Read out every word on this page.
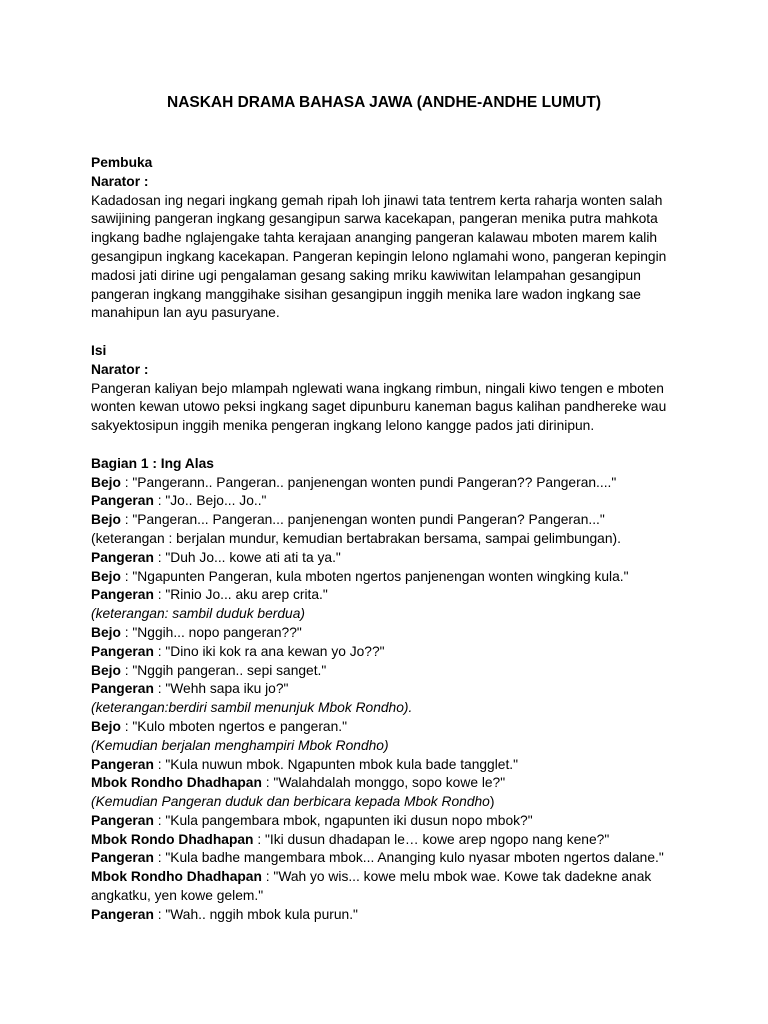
NASKAH DRAMA BAHASA JAWA (ANDHE-ANDHE LUMUT)
Pembuka
Narator :

Kadadosan ing negari ingkang gemah ripah loh jinawi tata tentrem kerta raharja wonten salah sawijining pangeran ingkang gesangipun sarwa kacekapan, pangeran menika putra mahkota ingkang badhe nglajengake tahta kerajaan ananging pangeran kalawau mboten marem kalih gesangipun ingkang kacekapan. Pangeran kepingin lelono nglamahi wono, pangeran kepingin madosi jati dirine ugi pengalaman gesang saking mriku kawiwitan lelampahan gesangipun pangeran ingkang manggihake sisihan gesangipun inggih menika lare wadon ingkang sae manahipun lan ayu pasuryane.

Isi
Narator :

Pangeran kaliyan bejo mlampah nglewati wana ingkang rimbun, ningali kiwo tengen e mboten wonten kewan utowo peksi ingkang saget dipunburu kaneman bagus kalihan pandhereke wau sakyektosipun inggih menika pengeran ingkang lelono kangge pados jati dirinipun.

Bagian 1 : Ing Alas
Bejo : "Pangerann.. Pangeran.. panjenengan wonten pundi Pangeran?? Pangeran...."
Pangeran : "Jo.. Bejo... Jo.."
Bejo : "Pangeran... Pangeran... panjenengan wonten pundi Pangeran? Pangeran..."
(keterangan : berjalan mundur, kemudian bertabrakan bersama, sampai gelimbungan).
Pangeran : "Duh Jo... kowe ati ati ta ya."
Bejo : "Ngapunten Pangeran, kula mboten ngertos panjenengan wonten wingking kula."
Pangeran : "Rinio Jo... aku arep crita."
(keterangan: sambil duduk berdua)
Bejo : "Nggih... nopo pangeran??"
Pangeran : "Dino iki kok ra ana kewan yo Jo??"
Bejo : "Nggih pangeran.. sepi sanget."
Pangeran : "Wehh sapa iku jo?"
(keterangan:berdiri sambil menunjuk Mbok Rondho).
Bejo : "Kulo mboten ngertos e pangeran."
(Kemudian berjalan menghampiri Mbok Rondho)
Pangeran : "Kula nuwun mbok. Ngapunten mbok kula bade tangglet."
Mbok Rondho Dhadhapan : "Walahdalah monggo, sopo kowe le?"
(Kemudian Pangeran duduk dan berbicara kepada Mbok Rondho)
Pangeran : "Kula pangembara mbok, ngapunten iki dusun nopo mbok?"
Mbok Rondo Dhadhapan : "Iki dusun dhadapan le… kowe arep ngopo nang kene?"
Pangeran : "Kula badhe mangembara mbok... Ananging kulo nyasar mboten ngertos dalane."
Mbok Rondho Dhadhapan : "Wah yo wis... kowe melu mbok wae. Kowe tak dadekne anak
angkatku, yen kowe gelem."
Pangeran : "Wah.. nggih mbok kula purun."
